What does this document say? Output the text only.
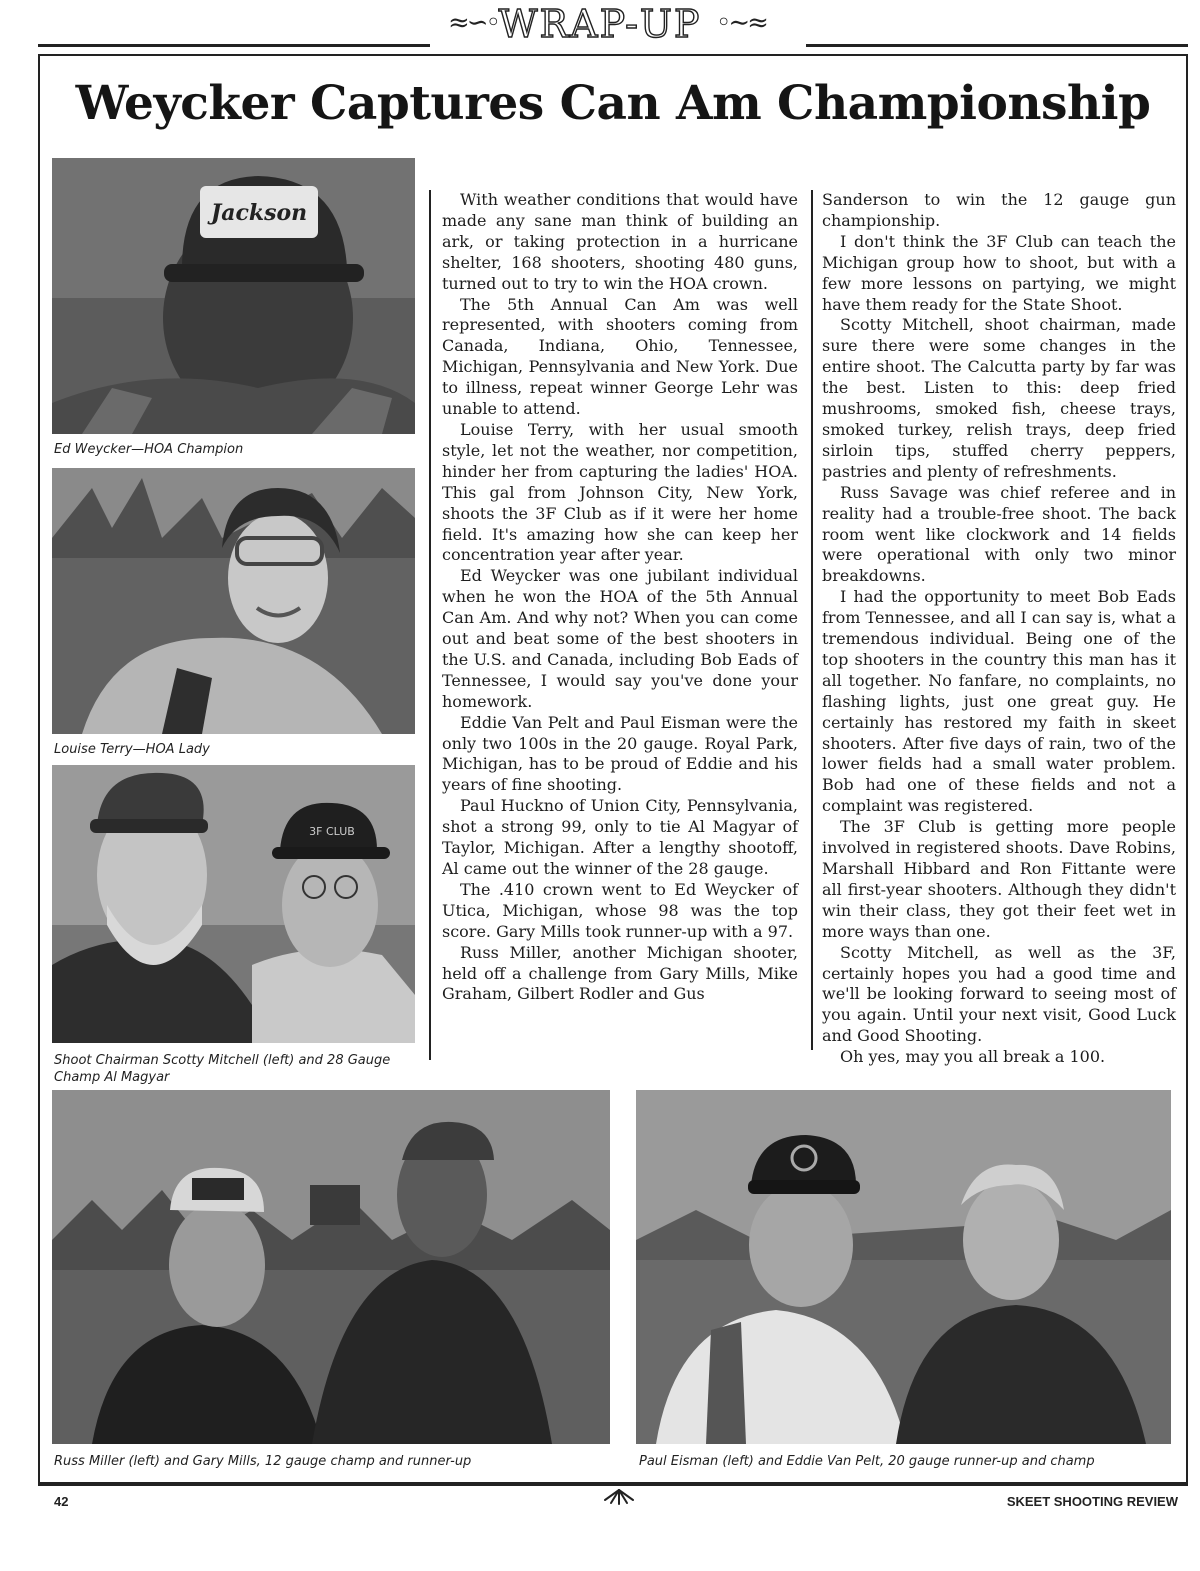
≈∽◦	◦∼≈
WRAP-UP
Weycker Captures Can Am Championship
Jackson
Ed Weycker—HOA Champion
Louise Terry—HOA Lady
3F CLUB
Shoot Chairman Scotty Mitchell (left) and 28 Gauge Champ Al Magyar

With weather conditions that would have made any sane man think of building an ark, or taking protection in a hurricane shelter, 168 shooters, shooting 480 guns, turned out to try to win the HOA crown.

The 5th Annual Can Am was well represented, with shooters coming from Canada, Indiana, Ohio, Tennessee, Michigan, Pennsylvania and New York. Due to illness, repeat winner George Lehr was unable to attend.

Louise Terry, with her usual smooth style, let not the weather, nor competition, hinder her from capturing the ladies' HOA. This gal from Johnson City, New York, shoots the 3F Club as if it were her home field. It's amazing how she can keep her concentration year after year.

Ed Weycker was one jubilant individual when he won the HOA of the 5th Annual Can Am. And why not? When you can come out and beat some of the best shooters in the U.S. and Canada, including Bob Eads of Tennessee, I would say you've done your homework.

Eddie Van Pelt and Paul Eisman were the only two 100s in the 20 gauge. Royal Park, Michigan, has to be proud of Eddie and his years of fine shooting.

Paul Huckno of Union City, Pennsylvania, shot a strong 99, only to tie Al Magyar of Taylor, Michigan. After a lengthy shootoff, Al came out the winner of the 28 gauge.

The .410 crown went to Ed Weycker of Utica, Michigan, whose 98 was the top score. Gary Mills took runner-up with a 97.

Russ Miller, another Michigan shooter, held off a challenge from Gary Mills, Mike Graham, Gilbert Rodler and Gus

Sanderson to win the 12 gauge gun championship.

I don't think the 3F Club can teach the Michigan group how to shoot, but with a few more lessons on partying, we might have them ready for the State Shoot.

Scotty Mitchell, shoot chairman, made sure there were some changes in the entire shoot. The Calcutta party by far was the best. Listen to this: deep fried mushrooms, smoked fish, cheese trays, smoked turkey, relish trays, deep fried sirloin tips, stuffed cherry peppers, pastries and plenty of refreshments.

Russ Savage was chief referee and in reality had a trouble-free shoot. The back room went like clockwork and 14 fields were operational with only two minor breakdowns.

I had the opportunity to meet Bob Eads from Tennessee, and all I can say is, what a tremendous individual. Being one of the top shooters in the country this man has it all together. No fanfare, no complaints, no flashing lights, just one great guy. He certainly has restored my faith in skeet shooters. After five days of rain, two of the lower fields had a small water problem. Bob had one of these fields and not a complaint was registered.

The 3F Club is getting more people involved in registered shoots. Dave Robins, Marshall Hibbard and Ron Fittante were all first-year shooters. Although they didn't win their class, they got their feet wet in more ways than one.

Scotty Mitchell, as well as the 3F, certainly hopes you had a good time and we'll be looking forward to seeing most of you again. Until your next visit, Good Luck and Good Shooting.

Oh yes, may you all break a 100.

Russ Miller (left) and Gary Mills, 12 gauge champ and runner-up	Paul Eisman (left) and Eddie Van Pelt, 20 gauge runner-up and champ
42	SKEET SHOOTING REVIEW
